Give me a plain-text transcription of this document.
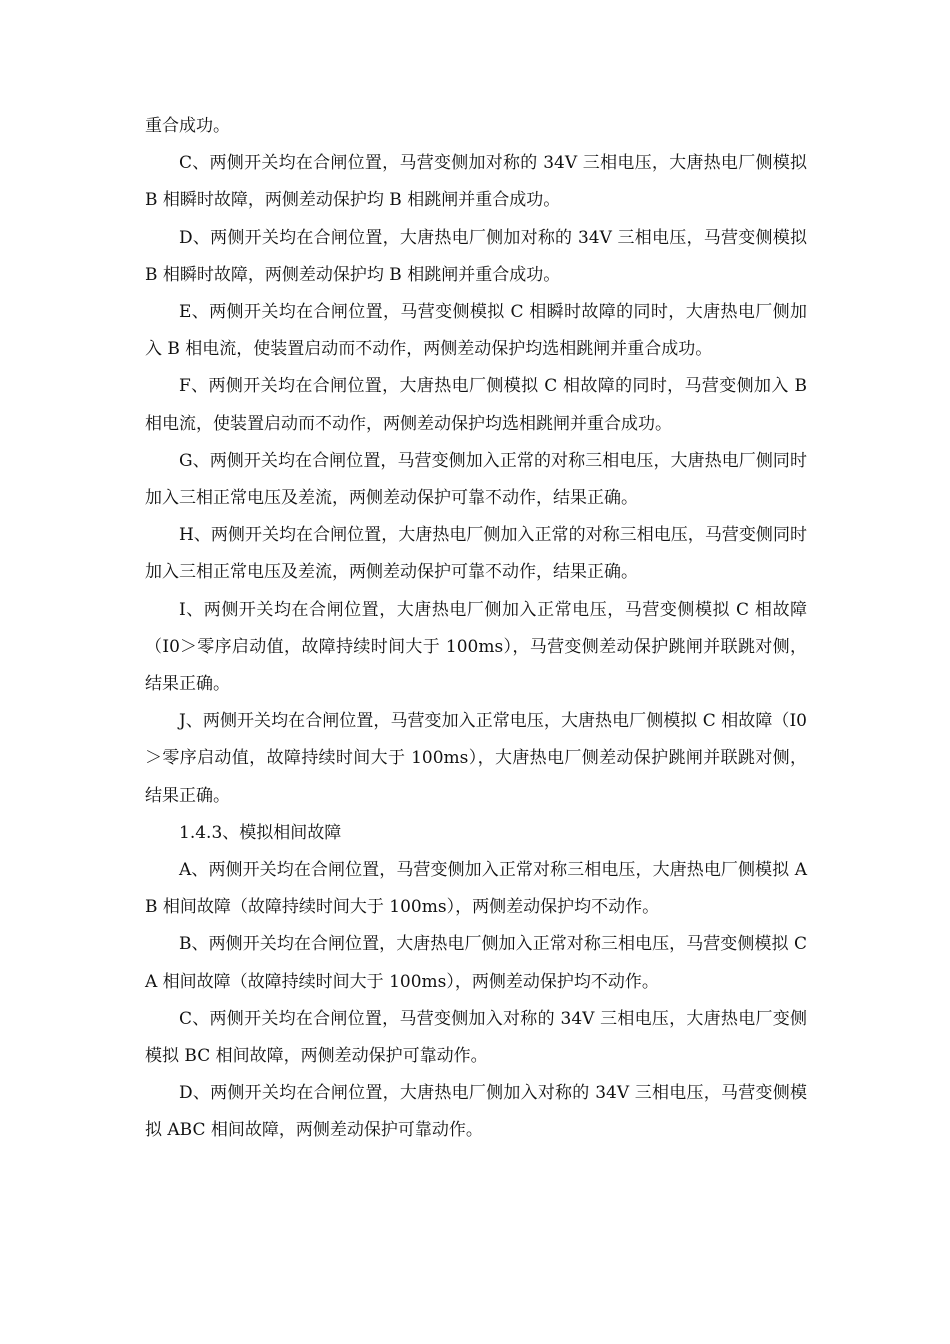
重合成功。

C、两侧开关均在合闸位置，马营变侧加对称的 34V 三相电压，大唐热电厂侧模拟 B 相瞬时故障，两侧差动保护均 B 相跳闸并重合成功。

D、两侧开关均在合闸位置，大唐热电厂侧加对称的 34V 三相电压，马营变侧模拟 B 相瞬时故障，两侧差动保护均 B 相跳闸并重合成功。

E、两侧开关均在合闸位置，马营变侧模拟 C 相瞬时故障的同时，大唐热电厂侧加入 B 相电流，使装置启动而不动作，两侧差动保护均选相跳闸并重合成功。

F、两侧开关均在合闸位置，大唐热电厂侧模拟 C 相故障的同时，马营变侧加入 B 相电流，使装置启动而不动作，两侧差动保护均选相跳闸并重合成功。

G、两侧开关均在合闸位置，马营变侧加入正常的对称三相电压，大唐热电厂侧同时加入三相正常电压及差流，两侧差动保护可靠不动作，结果正确。

H、两侧开关均在合闸位置，大唐热电厂侧加入正常的对称三相电压，马营变侧同时加入三相正常电压及差流，两侧差动保护可靠不动作，结果正确。

I、两侧开关均在合闸位置，大唐热电厂侧加入正常电压，马营变侧模拟 C 相故障（I0＞零序启动值，故障持续时间大于 100ms），马营变侧差动保护跳闸并联跳对侧，结果正确。

J、两侧开关均在合闸位置，马营变加入正常电压，大唐热电厂侧模拟 C 相故障（I0＞零序启动值，故障持续时间大于 100ms），大唐热电厂侧差动保护跳闸并联跳对侧，结果正确。

1.4.3、模拟相间故障

A、两侧开关均在合闸位置，马营变侧加入正常对称三相电压，大唐热电厂侧模拟 AB 相间故障（故障持续时间大于 100ms），两侧差动保护均不动作。

B、两侧开关均在合闸位置，大唐热电厂侧加入正常对称三相电压，马营变侧模拟 CA 相间故障（故障持续时间大于 100ms），两侧差动保护均不动作。

C、两侧开关均在合闸位置，马营变侧加入对称的 34V 三相电压，大唐热电厂变侧模拟 BC 相间故障，两侧差动保护可靠动作。

D、两侧开关均在合闸位置，大唐热电厂侧加入对称的 34V 三相电压，马营变侧模拟 ABC 相间故障，两侧差动保护可靠动作。
